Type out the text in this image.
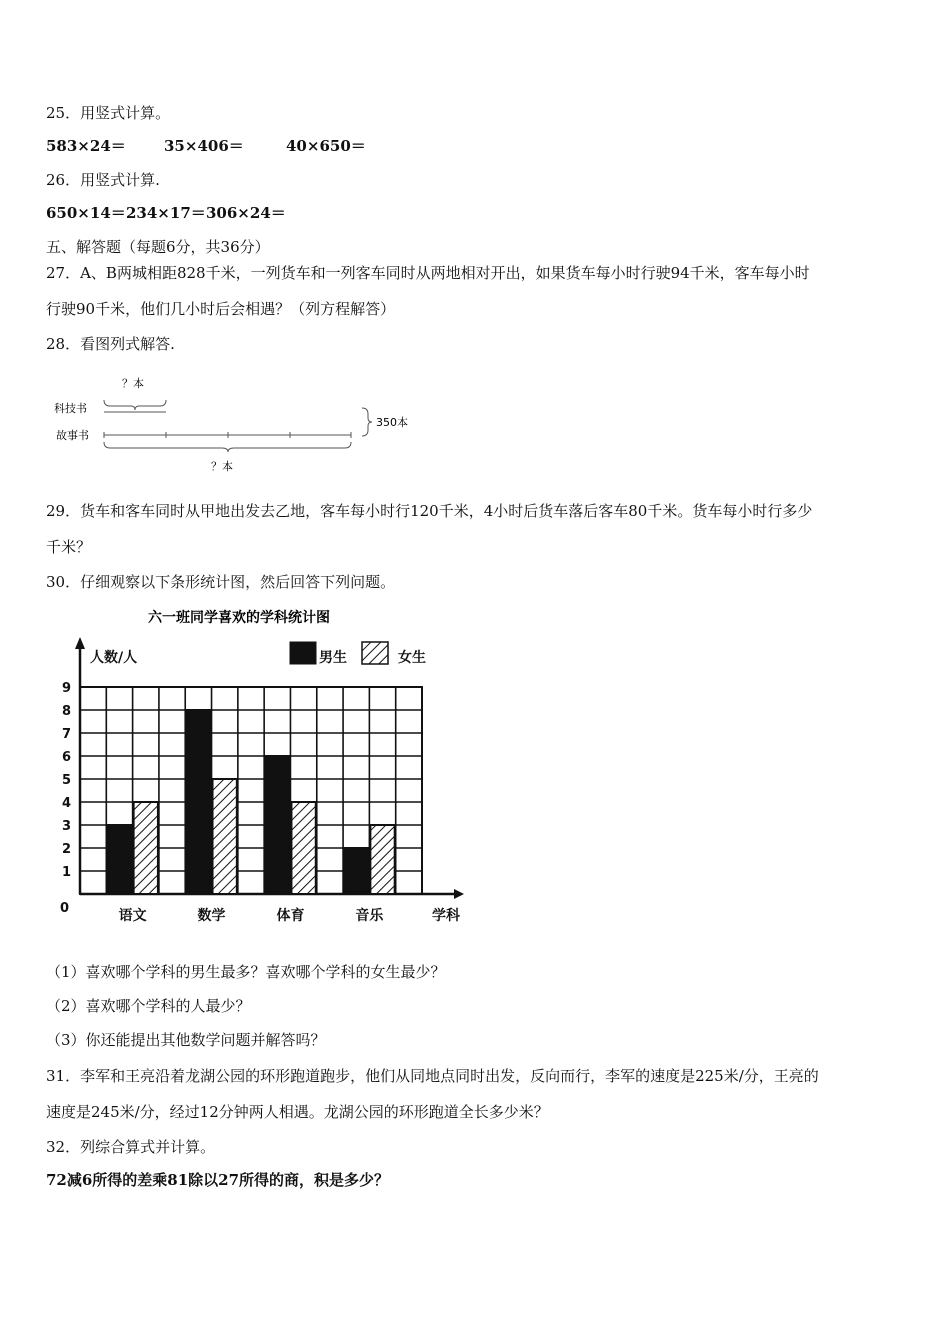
25．用竖式计算。
583×24＝	35×406＝	40×650＝
26．用竖式计算.
650×14＝234×17＝306×24＝
五、解答题（每题6分，共36分）
27．A、B两城相距828千米，一列货车和一列客车同时从两地相对开出，如果货车每小时行驶94千米，客车每小时
行驶90千米，他们几小时后会相遇？（列方程解答）
28．看图列式解答.
？本
科技书
故事书
？本
350本
29．货车和客车同时从甲地出发去乙地，客车每小时行120千米，4小时后货车落后客车80千米。货车每小时行多少
千米？
30．仔细观察以下条形统计图，然后回答下列问题。
六一班同学喜欢的学科统计图
人数/人	男生	女生
1
2
3
4
5
6
7
8
9
语文	数学	体育	音乐
0	学科
（1）喜欢哪个学科的男生最多？喜欢哪个学科的女生最少？
（2）喜欢哪个学科的人最少？
（3）你还能提出其他数学问题并解答吗？
31．李军和王亮沿着龙湖公园的环形跑道跑步，他们从同地点同时出发，反向而行，李军的速度是225米/分，王亮的
速度是245米/分，经过12分钟两人相遇。龙湖公园的环形跑道全长多少米？
32．列综合算式并计算。
72减6所得的差乘81除以27所得的商，积是多少？
